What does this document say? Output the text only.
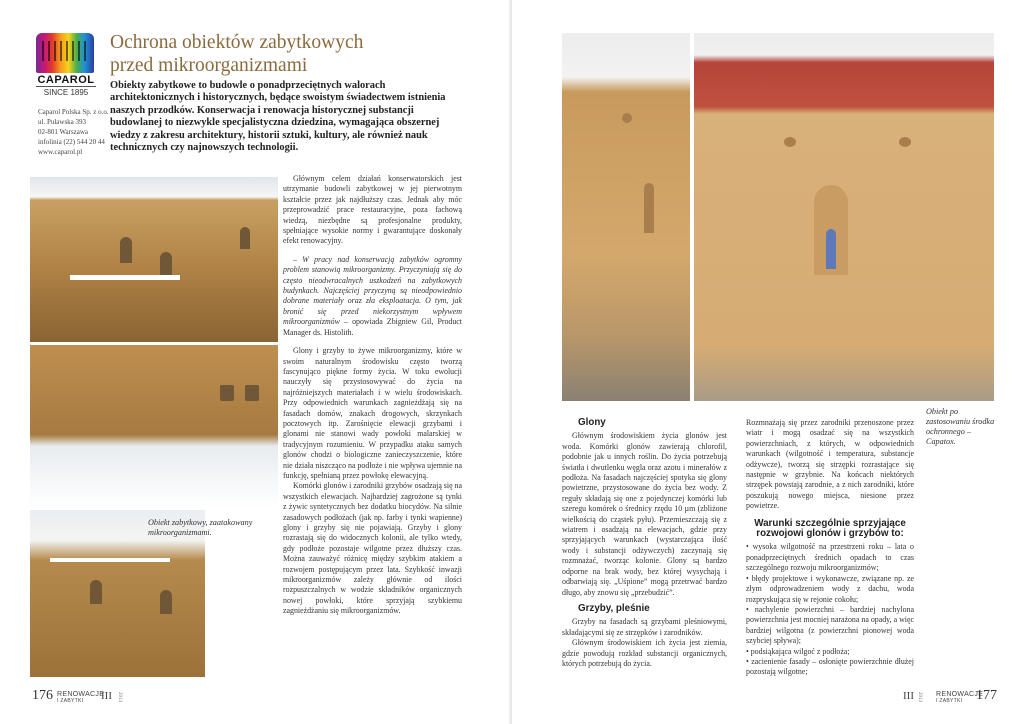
CAPAROL
SINCE 1895
Caparol Polska Sp. z o.o.
ul. Puławska 393
02-801 Warszawa
infolinia (22) 544 20 44
www.caparol.pl
Ochrona obiektów zabytkowych przed mikroorganizmami

Obiekty zabytkowe to budowle o ponadprzeciętnych walorach architektonicznych i historycznych, będące swoistym świadectwem istnienia naszych przodków. Konserwacja i renowacja historycznej substancji budowlanej to niezwykle specjalistyczna dziedzina, wymagająca obszernej wiedzy z zakresu architektury, historii sztuki, kultury, ale również nauk technicznych czy najnowszych technologii.

Obiekt zabytkowy, zaatakowany mikroorganizmami.

Głównym celem działań konserwatorskich jest utrzymanie budowli zabytkowej w jej pierwotnym kształcie przez jak najdłuższy czas. Jednak aby móc przeprowadzić prace restauracyjne, poza fachową wiedzą, niezbędne są profesjonalne produkty, spełniające wysokie normy i gwarantujące doskonały efekt renowacyjny.

– W pracy nad konserwacją zabytków ogromny problem stanowią mikroorganizmy. Przyczyniają się do często nieodwracalnych uszkodzeń na zabytkowych budynkach. Najczęściej przyczyną są nieodpowiednio dobrane materiały oraz zła eksploatacja. O tym, jak bronić się przed niekorzystnym wpływem mikroorganizmów – opowiada Zbigniew Gil, Product Manager ds. Histolith.

Glony i grzyby to żywe mikroorganizmy, które w swoim naturalnym środowisku często tworzą fascynująco piękne formy życia. W toku ewolucji nauczyły się przystosowywać do życia na najróżniejszych materiałach i w wielu środowiskach. Przy odpowiednich warunkach zagnieżdżają się na fasadach domów, znakach drogowych, skrzynkach pocztowych itp. Zarośnięcie elewacji grzybami i glonami nie stanowi wady powłoki malarskiej w tradycyjnym rozumieniu. W przypadku ataku samych glonów chodzi o biologiczne zanieczyszczenie, które nie działa niszcząco na podłoże i nie wpływa ujemnie na funkcję, spełnianą przez powłokę elewacyjną.

Komórki glonów i zarodniki grzybów osadzają się na wszystkich elewacjach. Najbardziej zagrożone są tynki z żywic syntetycznych bez dodatku biocydów. Na silnie zasadowych podłożach (jak np. farby i tynki wapienne) glony i grzyby się nie pojawiają. Grzyby i glony rozrastają się do widocznych kolonii, ale tylko wtedy, gdy podłoże pozostaje wilgotne przez dłuższy czas. Można zauważyć różnicę między szybkim atakiem a rozwojem postępującym przez lata. Szybkość inwazji mikroorganizmów zależy głównie od ilości rozpuszczalnych w wodzie składników organicznych nowej powłoki, które sprzyjają szybkiemu zagnieżdżaniu się mikroorganizmów.

176 RENOWACJE
I ZABYTKI	III 2013
Obiekt po zastosowaniu środka ochronnego – Capatox.
Glony

Głównym środowiskiem życia glonów jest woda. Komórki glonów zawierają chlorofil, podobnie jak u innych roślin. Do życia potrzebują światła i dwutlenku węgla oraz azotu i minerałów z podłoża. Na fasadach najczęściej spotyka się glony powietrzne, przystosowane do życia bez wody. Z reguły składają się one z pojedynczej komórki lub szeregu komórek o średnicy rzędu 10 µm (zbliżone wielkością do cząstek pyłu). Przemieszczają się z wiatrem i osadzają na elewacjach, gdzie przy sprzyjających warunkach (wystarczająca ilość wody i substancji odżywczych) zaczynają się rozmnażać, tworząc kolonie. Glony są bardzo odporne na brak wody, bez której wysychają i odbarwiają się. „Uśpione” mogą przetrwać bardzo długo, aby znowu się „przebudzić”.

Grzyby, pleśnie

Grzyby na fasadach są grzybami pleśniowymi, składającymi się ze strzępków i zarodników.

Głównym środowiskiem ich życia jest ziemia, gdzie powodują rozkład substancji organicznych, których potrzebują do życia.

Rozmnażają się przez zarodniki przenoszone przez wiatr i mogą osadzać się na wszystkich powierzchniach, z których, w odpowiednich warunkach (wilgotność i temperatura, substancje odżywcze), tworzą się strzępki rozrastające się następnie w grzybnie. Na końcach niektórych strzępek powstają zarodnie, a z nich zarodniki, które poszukują nowego miejsca, niesione przez powietrze.

Warunki szczególnie sprzyjające rozwojowi glonów i grzybów to:
• wysoka wilgotność na przestrzeni roku – lata o ponadprzeciętnych średnich opadach to czas szczególnego rozwoju mikroorganizmów;
• błędy projektowe i wykonawcze, związane np. ze złym odprowadzeniem wody z dachu, woda rozpryskująca się w rejonie cokołu;
• nachylenie powierzchni – bardziej nachylona powierzchnia jest mocniej narażona na opady, a więc bardziej wilgotna (z powierzchni pionowej woda szybciej spływa);
• podsiąkająca wilgoć z podłoża;
• zacienienie fasady – osłonięte powierzchnie dłużej pozostają wilgotne;
III 2013 RENOWACJE
I ZABYTKI 177
